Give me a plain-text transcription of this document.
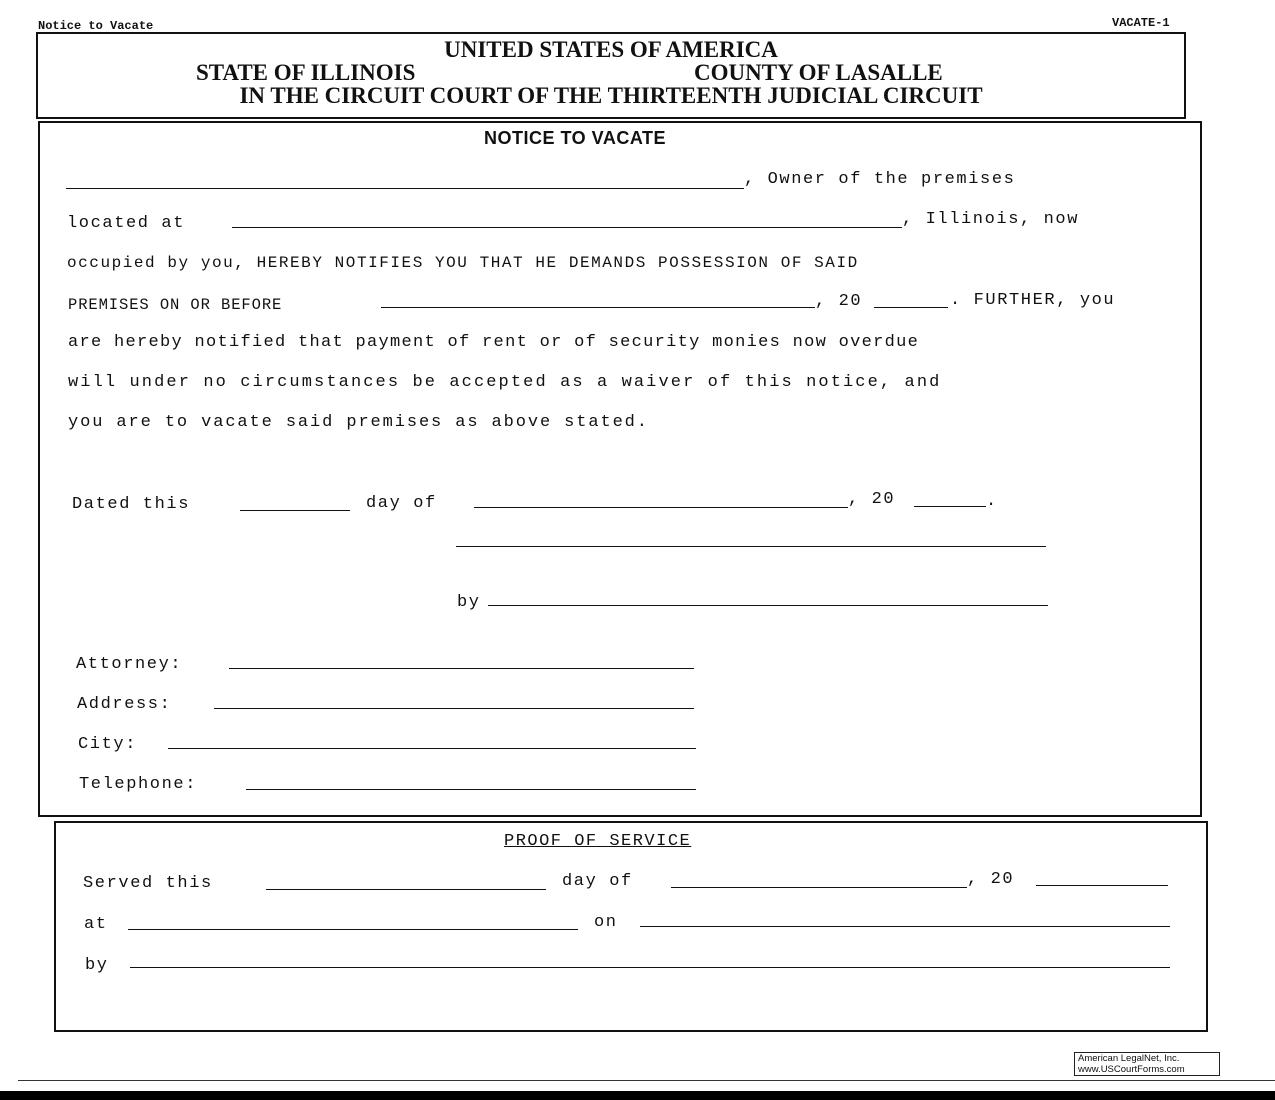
Notice to Vacate	VACATE-1
UNITED STATES OF AMERICA
STATE OF ILLINOIS	COUNTY OF LASALLE
IN THE CIRCUIT COURT OF THE THIRTEENTH JUDICIAL CIRCUIT
NOTICE TO VACATE
, Owner of the premises
located at	, Illinois, now
occupied by you, HEREBY NOTIFIES YOU THAT HE DEMANDS POSSESSION OF SAID
PREMISES ON OR BEFORE	, 20	. FURTHER, you
are hereby notified that payment of rent or of security monies now overdue
will under no circumstances be accepted as a waiver of this notice, and
you are to vacate said premises as above stated.
Dated this	day of	, 20	.
by
Attorney:
Address:
City:
Telephone:
PROOF OF SERVICE
Served this	day of	, 20
at	on
by
American LegalNet, Inc.
www.USCourtForms.com
